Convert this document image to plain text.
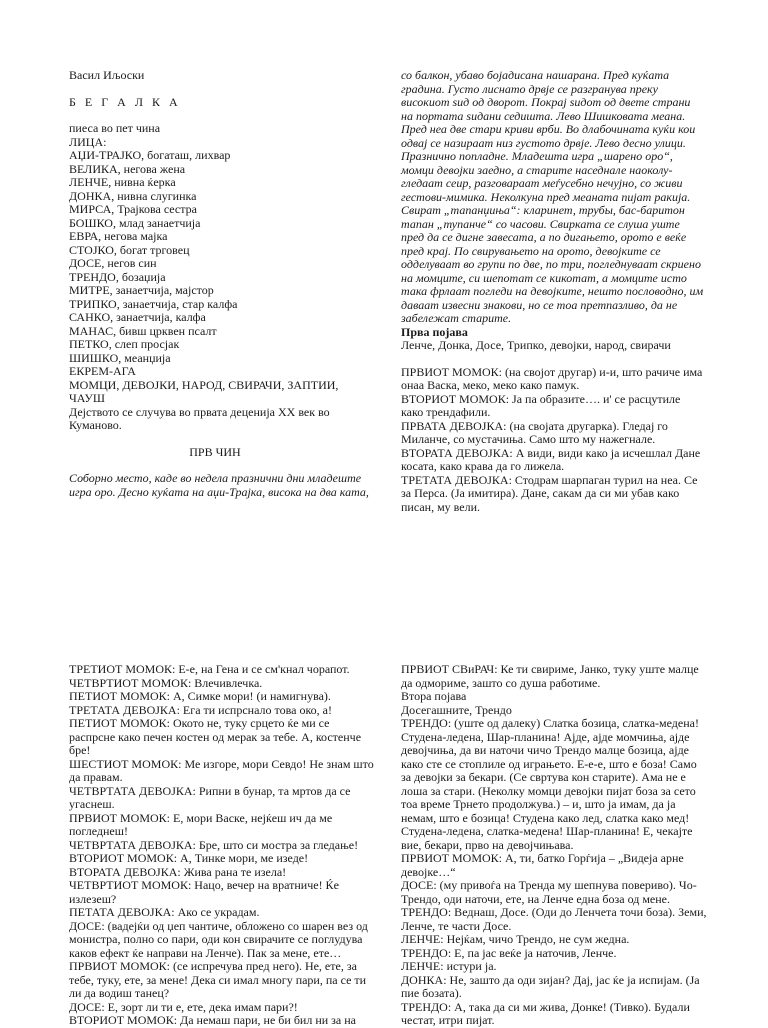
Васил Иљоски
Б Е Г А Л К А
пиеса во пет чина
ЛИЦА:
АЏИ-ТРАЈКО, богаташ, лихвар
ВЕЛИКА, негова жена
ЛЕНЧЕ, нивна ќерка
ДОНКА, нивна слугинка
МИРСА, Трајкова сестра
БОШКО, млад занаетчија
ЕВРА, негова мајка
СТОЈКО, богат трговец
ДОСЕ, негов син
ТРЕНДО, бозаџија
МИТРЕ, занаетчија, мајстор
ТРИПКО, занаетчија, стар калфа
САНКО, занаетчија, калфа
МАНАС, бивш црквен псалт
ПЕТКО, слеп просјак
ШИШКО, меанџија
ЕКРЕМ-АГА
МОМЦИ, ДЕВОЈКИ, НАРОД, СВИРАЧИ, ЗАПТИИ,
ЧАУШ
Дејството се случува во првата деценија XX век во
Куманово.
ПРВ ЧИН
Соборно место, каде во недела празнични дни младеште
игра оро. Десно куќата на аџи-Трајка, висока на два ката,
со балкон, убаво бојадисана нашарана. Пред куќата
градина. Густо лиснато дрвје се разгранува преку
високиот ѕид од дворот. Покрај ѕидот од двете страни
на портата ѕидани седишта. Лево Шишковата меана.
Пред неа две стари криви врби. Во длабочината куќи кои
одвај се назираат низ густото дрвје. Лево десно улици.
Празнично попладне. Младешта игра „шарено оро“,
момци девојки заедно, а старите наседнале наоколу-
гледаат сеир, разговараат меѓусебно нечујно, со живи
гестови-мимика. Неколкуна пред меаната пијат ракија.
Свират „тапанџиња“: кларинет, трубы, бас-баритон
тапан „тупанче“ со часови. Свирката се слуша уште
пред да се дигне завесата, а по дигањето, орото е веќе
пред крај. По свирувањето на орото, девојките се
одделуваат во групи по две, по три, погледнуваат скриено
на момците, си шепотат се кикотат, а момците исто
така фрлаат погледи на девојките, нешто пословодно, им
даваат извесни знакови, но се тоа претпазливо, да не
забележат старите.
Прва појава
Ленче, Донка, Досе, Трипко, девојки, народ, свирачи
ПРВИОТ МОМОК: (на својот другар) и-и, што рачиче има
онаа Васка, меко, меко како памук.
ВТОРИОТ МОМОК: Ја па образите…. и' се расцутиле
како трендафили.
ПРВАТА ДЕВОЈКА: (на својата другарка). Гледај го
Миланче, со мустачиња. Само што му нажегнале.
ВТОРАТА ДЕВОЈКА: А види, види како ја исчешлал Дане
косата, како крава да го лижела.
ТРЕТАТА ДЕВОЈКА: Стодрам шарпаган турил на неа. Се
за Перса. (Ја имитира). Дане, сакам да си ми убав како
писан, му вели.
ТРЕТИОТ МОМОК: Е-е, на Гена и се см'кнал чорапот.
ЧЕТВРТИОТ МОМОК: Влечивлечка.
ПЕТИОТ МОМОК: А, Симке мори! (и намигнува).
ТРЕТАТА ДЕВОЈКА: Ега ти испрснало това око, а!
ПЕТИОТ МОМОК: Окото не, туку срцето ќе ми се
распрсне како печен костен од мерак за тебе. А, костенче
бре!
ШЕСТИОТ МОМОК: Ме изгоре, мори Севдо! Не знам што
да правам.
ЧЕТВРТАТА ДЕВОЈКА: Рипни в бунар, та мртов да се
угаснеш.
ПРВИОТ МОМОК: Е, мори Васке, нејќеш ич да ме
погледнеш!
ЧЕТВРТАТА ДЕВОЈКА: Бре, што си мостра за гледање!
ВТОРИОТ МОМОК: А, Тинке мори, ме изеде!
ВТОРАТА ДЕВОЈКА: Жива рана те изела!
ЧЕТВРТИОТ МОМОК: Нацо, вечер на вратниче! Ќе
излезеш?
ПЕТАТА ДЕВОЈКА: Ако се украдам.
ДОСЕ: (вадејќи од џеп чантиче, обложено со шарен вез од
монистра, полно со пари, оди кон свирачите се поглудува
каков ефект ќе направи на Ленче). Пак за мене, ете…
ПРВИОТ МОМОК: (се испречува пред него). Не, ете, за
тебе, туку, ете, за мене! Дека си имал многу пари, па се ти
ли да водиш танец?
ДОСЕ: Е, зорт ли ти е, ете, дека имам пари?!
ВТОРИОТ МОМОК: Да немаш пари, не би бил ни за на
ПРВИОТ СВиРАЧ: Ке ти свириме, Јанко, туку уште малце
да одмориме, зашто со душа работиме.
Втора појава
Досегашните, Трендо
ТРЕНДО: (уште од далеку) Слатка бозица, слатка-медена!
Студена-ледена, Шар-планина! Ајде, ајде момчиња, ајде
девојчиња, да ви наточи чичо Трендо малце бозица, ајде
како сте се стоплиле од играњето. Е-е-е, што е боза! Само
за девојки за бекари. (Се свртува кон старите). Ама не е
лоша за стари. (Неколку момци девојки пијат боза за сето
тоа време Трнето продолжува.) – и, што ја имам, да ја
немам, што е бозица! Студена како лед, слатка како мед!
Студена-ледена, слатка-медена! Шар-планина! Е, чекајте
вие, бекари, прво на девојчињава.
ПРВИОТ МОМОК: А, ти, батко Горѓија – „Видеја арне
девојке…“
ДОСЕ: (му привоѓа на Тренда му шепнува повериво). Чо-
Трендо, оди наточи, ете, на Ленче една боза од мене.
ТРЕНДО: Веднаш, Досе. (Оди до Ленчета точи боза). Земи,
Ленче, те части Досе.
ЛЕНЧЕ: Нејќам, чичо Трендо, не сум жедна.
ТРЕНДО: Е, па јас веќе ја наточив, Ленче.
ЛЕНЧЕ: истури ја.
ДОНКА: Не, зашто да оди зијан? Дај, јас ќе ја испијам. (Ја
пие бозата).
ТРЕНДО: А, така да си ми жива, Донке! (Тивко). Будали
честат, итри пијат.
